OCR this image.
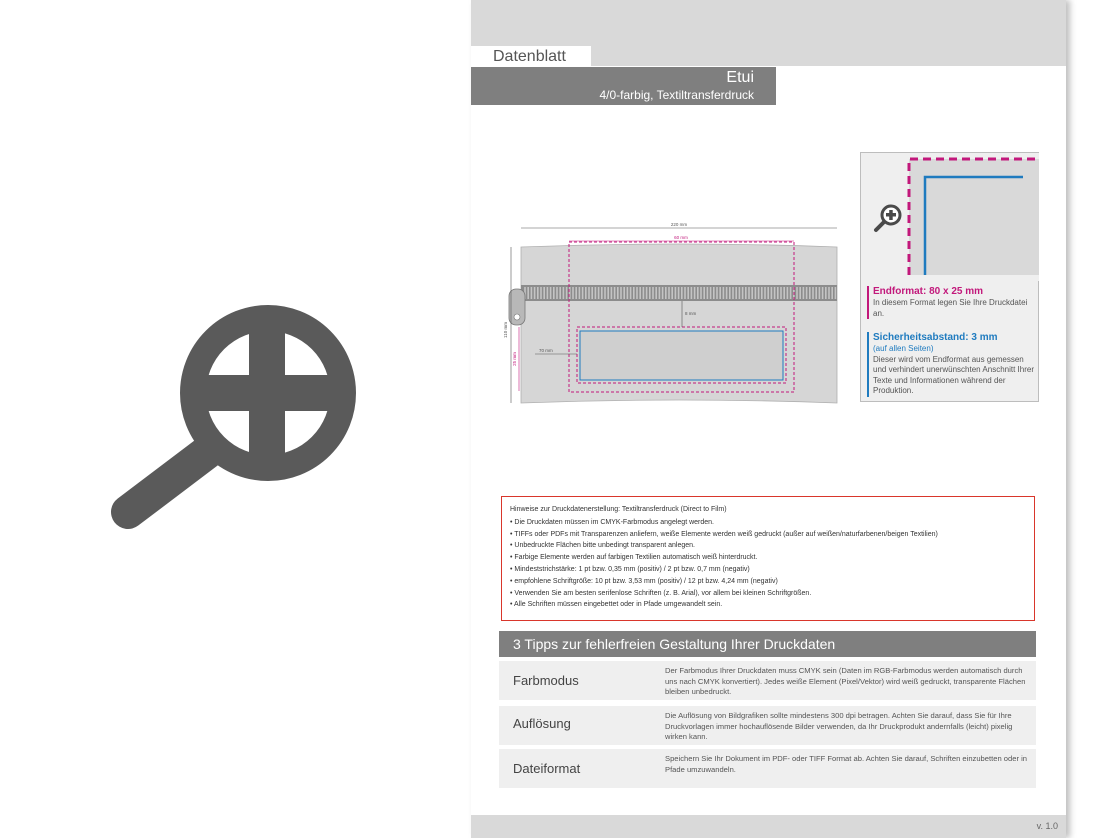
Datenblatt
Etui
4/0-farbig, Textiltransferdruck
220 mm
60 mm
110 mm
25 mm
8 mm
70 mm
Endformat: 80 x 25 mm
In diesem Format legen Sie Ihre Druckdatei an.
Sicherheitsabstand: 3 mm
(auf allen Seiten)
Dieser wird vom Endformat aus gemessen und verhindert unerwünschten Anschnitt Ihrer Texte und Informationen während der Produktion.
Hinweise zur Druckdatenerstellung: Textiltransferdruck (Direct to Film)
• Die Druckdaten müssen im CMYK-Farbmodus angelegt werden.
• TIFFs oder PDFs mit Transparenzen anliefern, weiße Elemente werden weiß gedruckt (außer auf weißen/naturfarbenen/beigen Textilien)
• Unbedruckte Flächen bitte unbedingt transparent anlegen.
• Farbige Elemente werden auf farbigen Textilien automatisch weiß hinterdruckt.
• Mindeststrichstärke: 1 pt bzw. 0,35 mm (positiv) / 2 pt bzw. 0,7 mm (negativ)
• empfohlene Schriftgröße: 10 pt bzw. 3,53 mm (positiv) / 12 pt bzw. 4,24 mm (negativ)
• Verwenden Sie am besten serifenlose Schriften (z. B. Arial), vor allem bei kleinen Schriftgrößen.
• Alle Schriften müssen eingebettet oder in Pfade umgewandelt sein.
3 Tipps zur fehlerfreien Gestaltung Ihrer Druckdaten
Farbmodus
Der Farbmodus Ihrer Druckdaten muss CMYK sein (Daten im RGB-Farbmodus werden automatisch durch uns nach CMYK konvertiert). Jedes weiße Element (Pixel/Vektor) wird weiß gedruckt, transparente Flächen bleiben unbedruckt.
Auflösung
Die Auflösung von Bildgrafiken sollte mindestens 300 dpi betragen. Achten Sie darauf, dass Sie für Ihre Druckvorlagen immer hochauflösende Bilder verwenden, da Ihr Druckprodukt andernfalls (leicht) pixelig wirken kann.
Dateiformat
Speichern Sie Ihr Dokument im PDF- oder TIFF Format ab. Achten Sie darauf, Schriften einzubetten oder in Pfade umzuwandeln.
v. 1.0
